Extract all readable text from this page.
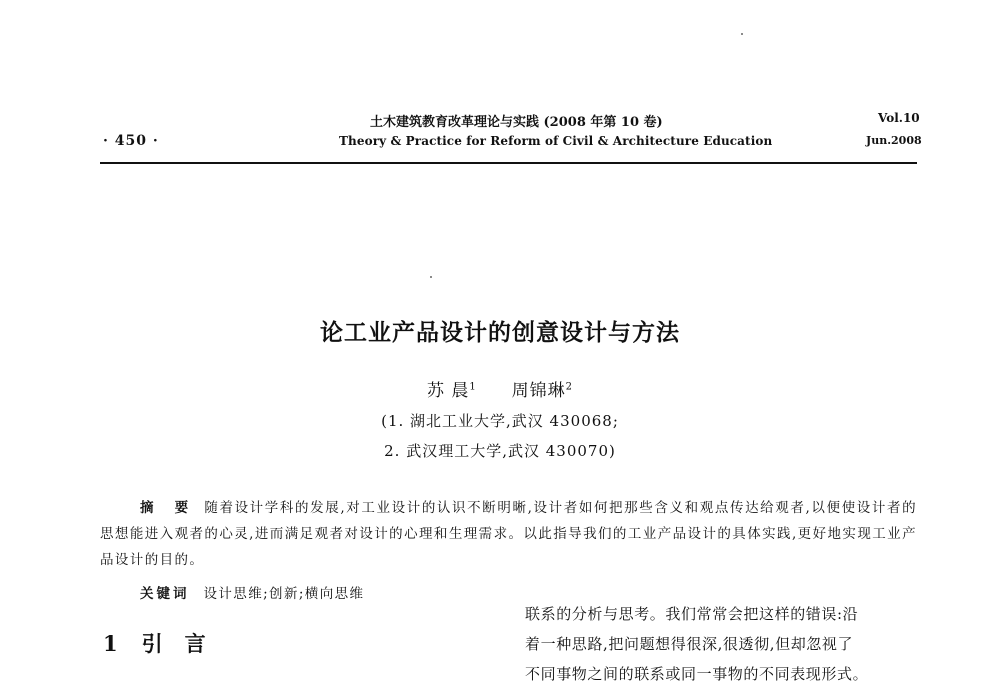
· 450 ·
土木建筑教育改革理论与实践 (2008 年第 10 卷)
Theory & Practice for Reform of Civil & Architecture Education
Vol.10
Jun.2008
论工业产品设计的创意设计与方法
苏 晨$^1$ 周锦琳$^2$
(1. 湖北工业大学,武汉 430068;
2. 武汉理工大学,武汉 430070)
摘 要 随着设计学科的发展,对工业设计的认识不断明晰,设计者如何把那些含义和观点传达给观者,以便使设计者的思想能进入观者的心灵,进而满足观者对设计的心理和生理需求。以此指导我们的工业产品设计的具体实践,更好地实现工业产品设计的目的。
关键词 设计思维;创新;横向思维
1 引 言
联系的分析与思考。我们常常会把这样的错误:沿
着一种思路,把问题想得很深,很透彻,但却忽视了
不同事物之间的联系或同一事物的不同表现形式。
